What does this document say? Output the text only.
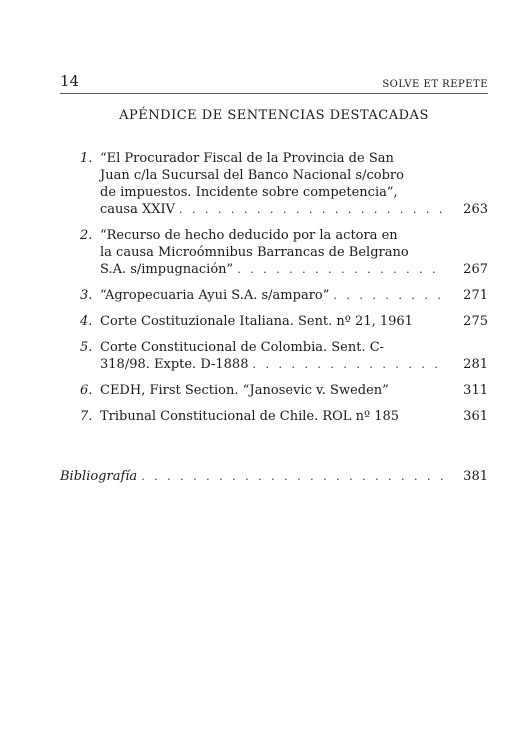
14	SOLVE ET REPETE
APÉNDICE DE SENTENCIAS DESTACADAS
1. “El Procurador Fiscal de la Provincia de San
Juan c/la Sucursal del Banco Nacional s/cobro
de impuestos. Incidente sobre competencia”,
causa XXIV . . .	263
2. “Recurso de hecho deducido por la actora en
la causa Microómnibus Barrancas de Belgrano
S.A. s/impugnación” . . .	267
3. “Agropecuaria Ayui S.A. s/amparo” . . .	271
4. Corte Costituzionale Italiana. Sent. nº 21, 1961	275
5. Corte Constitucional de Colombia. Sent. C-
318/98. Expte. D-1888 . . .	281
6. CEDH, First Section. “Janosevic v. Sweden”	311
7. Tribunal Constitucional de Chile. ROL nº 185	361
Bibliografía . . .	381
